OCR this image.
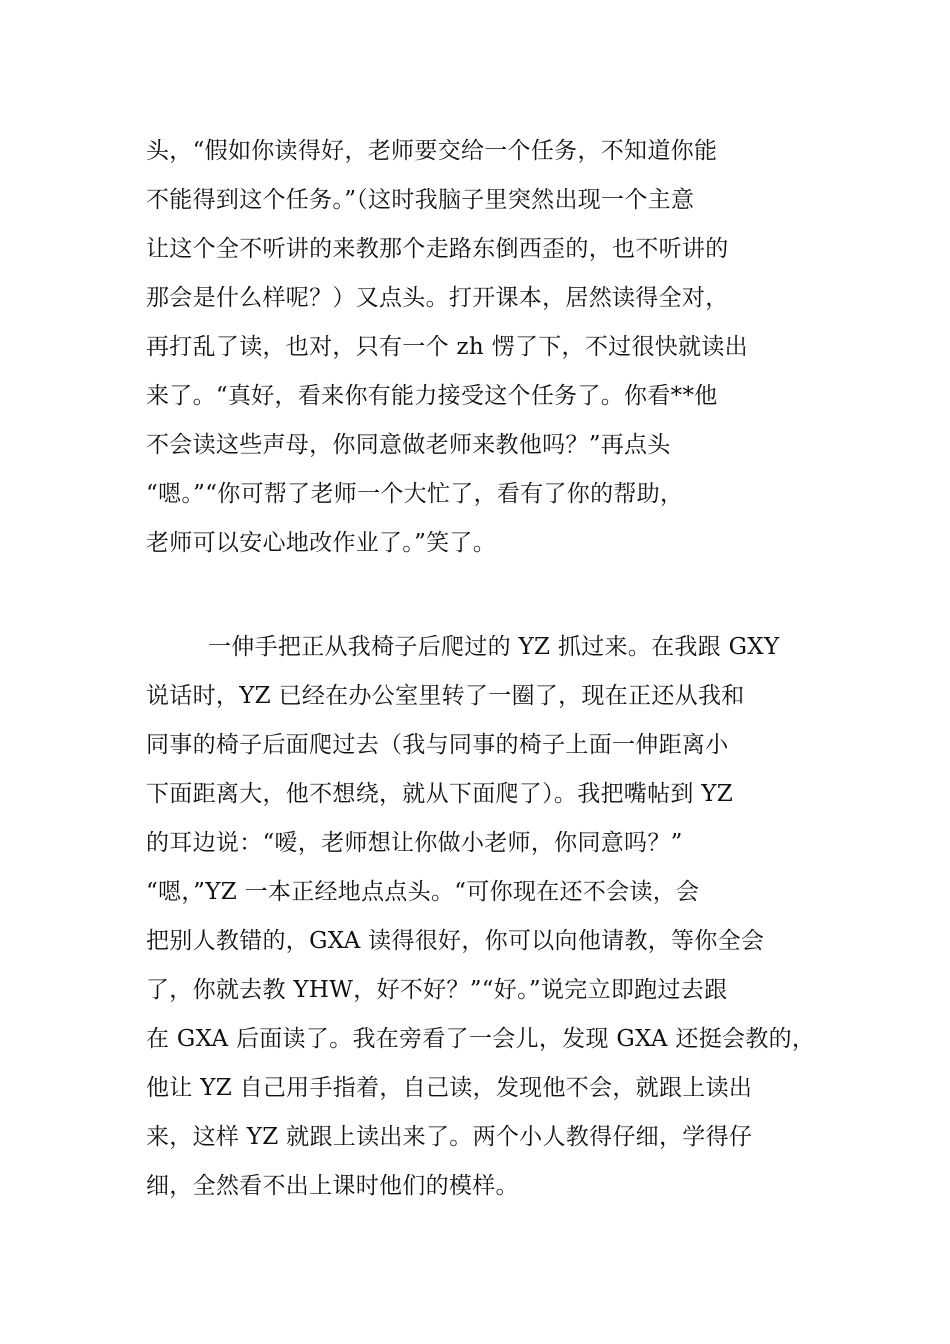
头，“假如你读得好，老师要交给一个任务，不知道你能
不能得到这个任务。”（这时我脑子里突然出现一个主意
让这个全不听讲的来教那个走路东倒西歪的，也不听讲的
那会是什么样呢？）又点头。打开课本，居然读得全对，
再打乱了读，也对，只有一个 zh 愣了下，不过很快就读出
来了。“真好，看来你有能力接受这个任务了。你看**他
不会读这些声母，你同意做老师来教他吗？”再点头
“嗯。”“你可帮了老师一个大忙了，看有了你的帮助，
老师可以安心地改作业了。”笑了。
一伸手把正从我椅子后爬过的 YZ 抓过来。在我跟 GXY
说话时，YZ 已经在办公室里转了一圈了，现在正还从我和
同事的椅子后面爬过去（我与同事的椅子上面一伸距离小
下面距离大，他不想绕，就从下面爬了）。我把嘴帖到 YZ
的耳边说：“嗳，老师想让你做小老师，你同意吗？”
“嗯，”YZ 一本正经地点点头。“可你现在还不会读，会
把别人教错的，GXA 读得很好，你可以向他请教，等你全会
了，你就去教 YHW，好不好？”“好。”说完立即跑过去跟
在 GXA 后面读了。我在旁看了一会儿，发现 GXA 还挺会教的，
他让 YZ 自己用手指着，自己读，发现他不会，就跟上读出
来，这样 YZ 就跟上读出来了。两个小人教得仔细，学得仔
细，全然看不出上课时他们的模样。
